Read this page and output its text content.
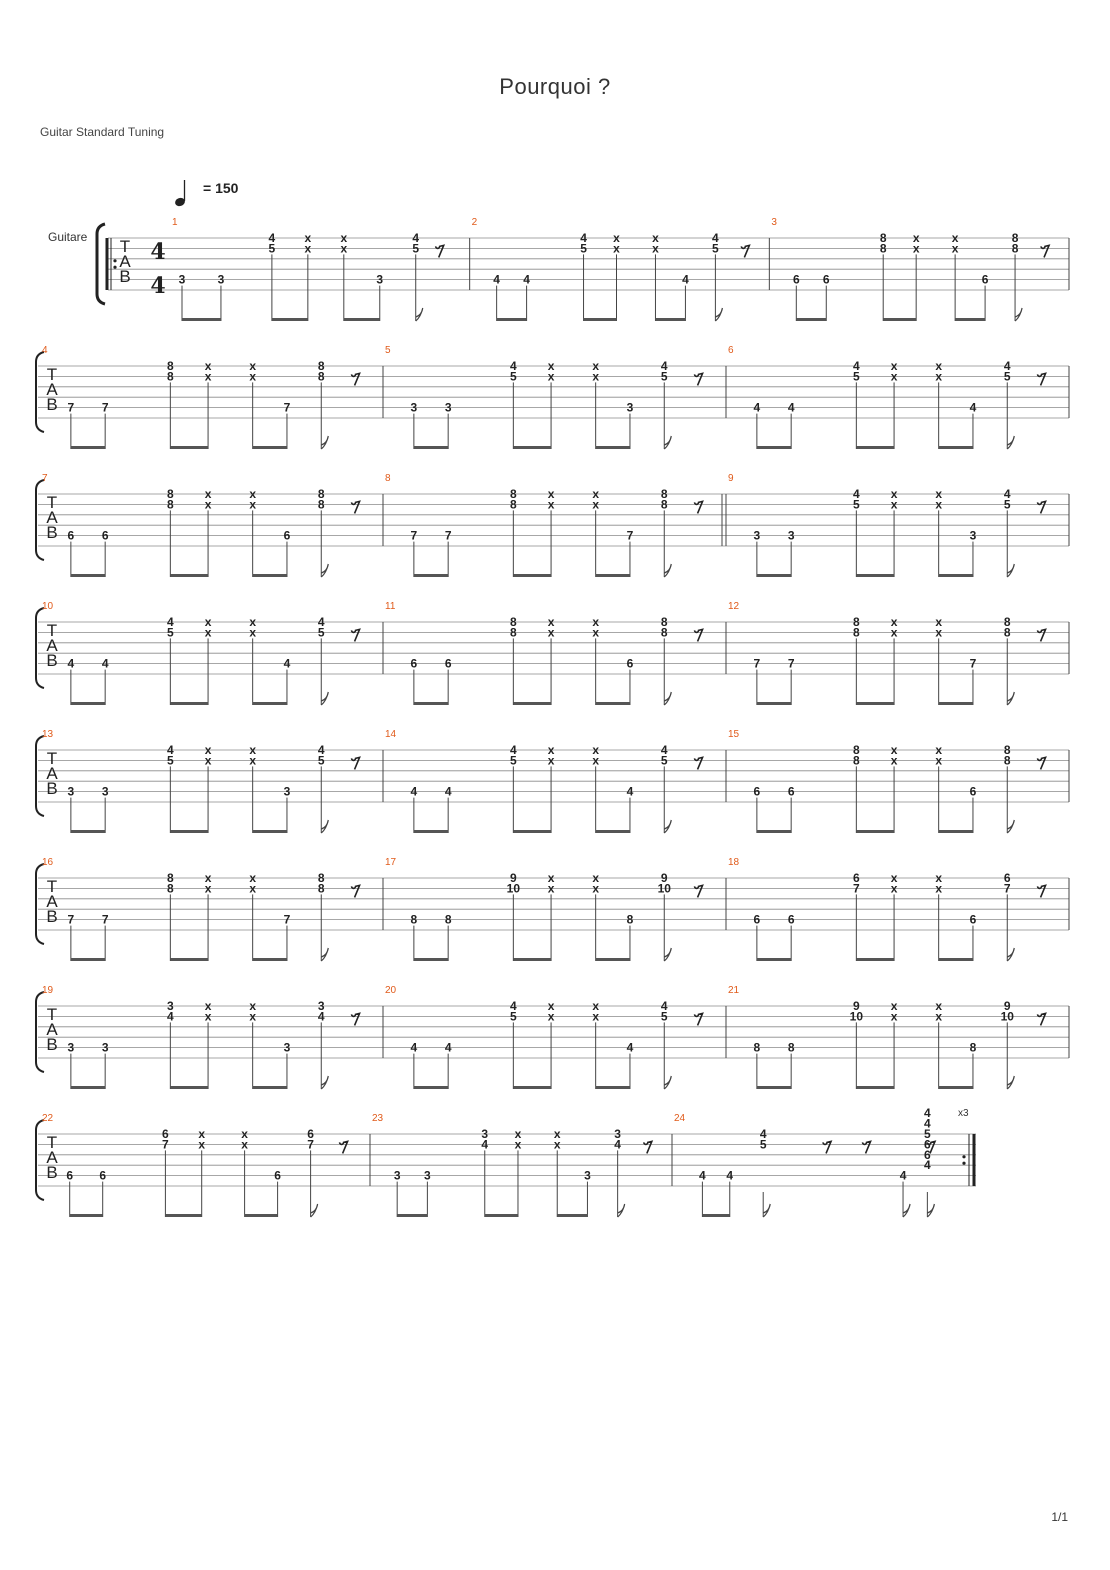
Pourquoi ?
Guitar Standard Tuning
= 150
Guitare
1/1
T
A
B
4
4
1
3	3
4
5
x
x
x
x
3
4
5
2
4 4
4
5
x
x
x
x
4
4
5
3
6 6
8
8
x
x
x
x
6
8
8
T
A
B
4
7 7
8
8
x
x
x
x
7
8
8
5
3 3
4
5
x
x
x
x
3
4
5
6
4 4
4
5
x
x
x
x
4
4
5
T
A
B
7
6 6
8
8
x
x
x
x
6
8
8
8
7 7
8
8
x
x
x
x
7
8
8
9
3 3
4
5
x
x
x
x
3
4
5
T
A
B
10
4 4
4
5
x
x
x
x
4
4
5
11
6 6
8
8
x
x
x
x
6
8
8
12
7 7
8
8
x
x
x
x
7
8
8
T
A
B
13
3 3
4
5
x
x
x
x
3
4
5
14
4 4
4
5
x
x
x
x
4
4
5
15
6 6
8
8
x
x
x
x
6
8
8
T
A
B
16
7 7
8
8
x
x
x
x
7
8
8
17
8 8
9
10
x
x
x
x
8
9
10
18
6 6
6
7
x
x
x
x
6
6
7
T
A
B
19
3 3
3
4
x
x
x
x
3
3
4
20
4 4
4
5
x
x
x
x
4
4
5
21
8 8
9
10
x
x
x
x
8
9
10
T
A
B
22
6 6
6
7
x
x
x
x
6
6
7
23
3 3
3
4
x
x
x
x
3
3
4
24
4 4
4
5
4
4
4
5
6
6
4
x3
